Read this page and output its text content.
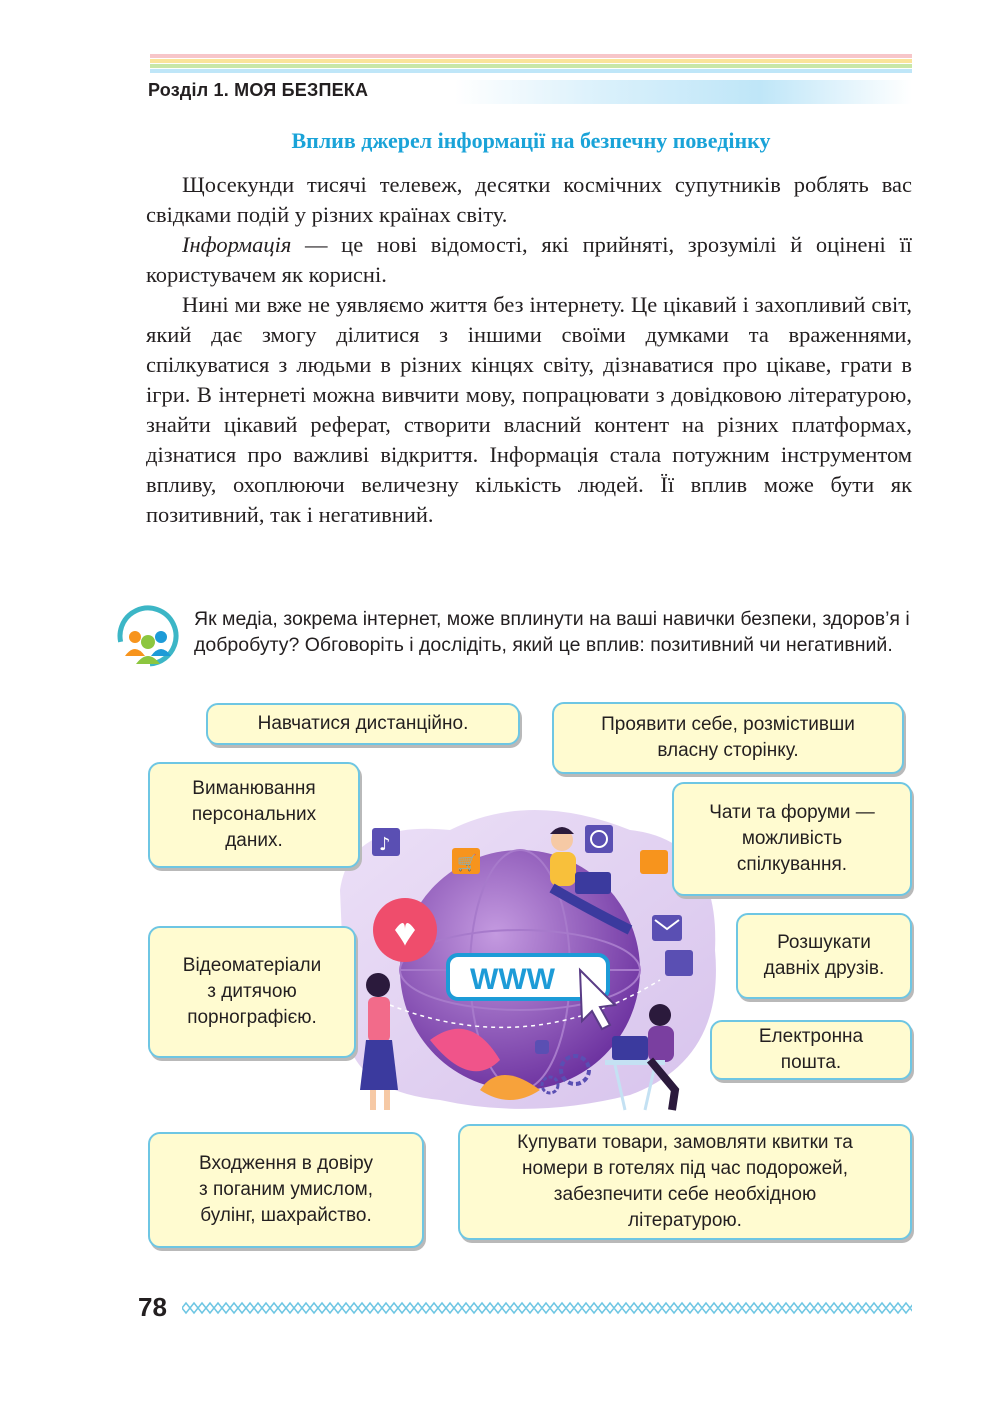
Розділ 1. МОЯ БЕЗПЕКА
Вплив джерел інформації на безпечну поведінку

Щосекунди тисячі телевеж, десятки космічних супутників роблять вас свідками подій у різних країнах світу.

Інформація — це нові відомості, які прийняті, зрозумілі й оцінені її користувачем як корисні.

Нині ми вже не уявляємо життя без інтернету. Це цікавий і захопливий світ, який дає змогу ділитися з іншими своїми думками та враженнями, спілкуватися з людьми в різних кінцях світу, дізнаватися про цікаве, грати в ігри. В інтернеті можна вивчити мову, попрацювати з довідковою літературою, знайти цікавий реферат, створити власний контент на різних платформах, дізнатися про важливі відкриття. Інформація стала потужним інструментом впливу, охоплюючи величезну кількість людей. Її вплив може бути як позитивний, так і негативний.

Як медіа, зокрема інтернет, може вплинути на ваші навички безпеки, здоров’я і добробуту? Обговоріть і дослідіть, який це вплив: позитивний чи негативний.
WWW
♪
🛒
Навчатися дистанційно.	Проявити себе, розмістивши
власну сторінку.
Виманювання
персональних
даних.
Чати та форуми —
можливість
спілкування.
Відеоматеріали
з дитячою
порнографією.
Розшукати
давніх друзів.
Електронна
пошта.
Входження в довіру
з поганим умислом,
булінг, шахрайство.
Купувати товари, замовляти квитки та
номери в готелях під час подорожей,
забезпечити себе необхідною
літературою.
78
